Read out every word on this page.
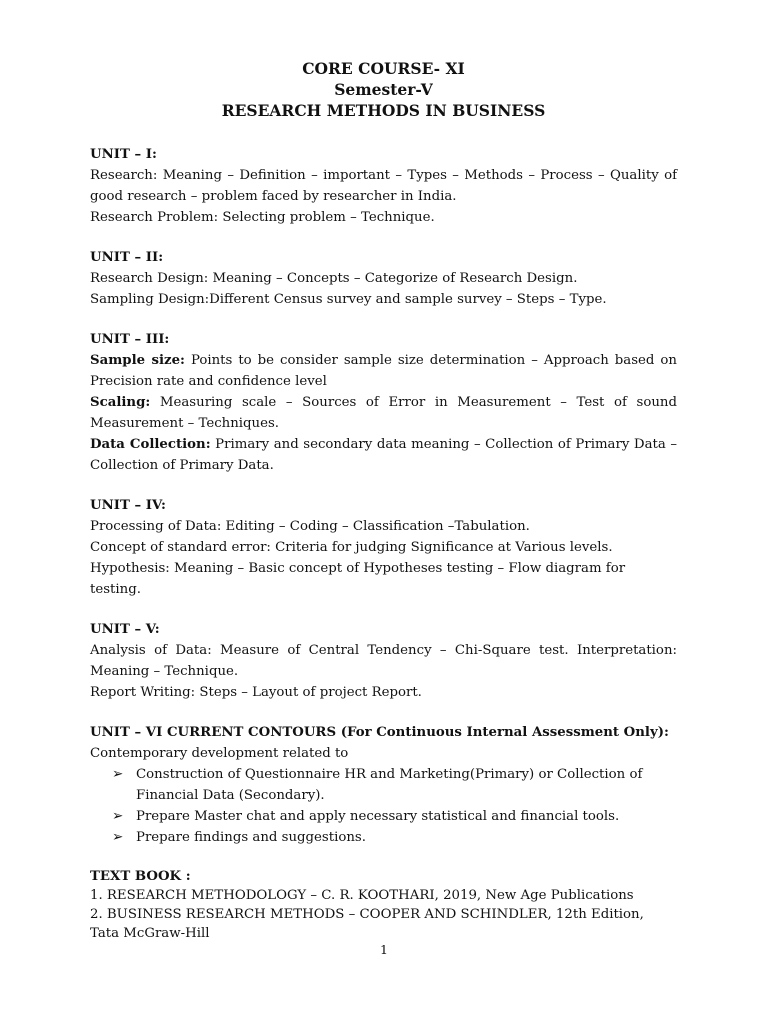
CORE COURSE- XI
Semester-V
RESEARCH METHODS IN BUSINESS
UNIT – I:
Research: Meaning – Definition – important – Types – Methods – Process – Quality of good research – problem faced by researcher in India.
Research Problem: Selecting problem – Technique.
UNIT – II:
Research Design: Meaning – Concepts – Categorize of Research Design.
Sampling Design:Different Census survey and sample survey – Steps – Type.
UNIT – III:
Sample size: Points to be consider sample size determination – Approach based on Precision rate and confidence level
Scaling: Measuring scale – Sources of Error in Measurement – Test of sound Measurement – Techniques.
Data Collection: Primary and secondary data meaning – Collection of Primary Data – Collection of Primary Data.
UNIT – IV:
Processing of Data: Editing – Coding – Classification –Tabulation.
Concept of standard error: Criteria for judging Significance at Various levels. Hypothesis: Meaning – Basic concept of Hypotheses testing – Flow diagram for testing.
UNIT – V:
Analysis of Data: Measure of Central Tendency – Chi-Square test. Interpretation: Meaning – Technique.
Report Writing: Steps – Layout of project Report.
UNIT – VI CURRENT CONTOURS (For Continuous Internal Assessment Only):
Contemporary development related to
➢ Construction of Questionnaire HR and Marketing(Primary) or Collection of Financial Data (Secondary).
➢ Prepare Master chat and apply necessary statistical and financial tools.
➢ Prepare findings and suggestions.
TEXT BOOK :
1. RESEARCH METHODOLOGY – C. R. KOOTHARI, 2019, New Age Publications
2. BUSINESS RESEARCH METHODS – COOPER AND SCHINDLER, 12th Edition, Tata McGraw-Hill
1
